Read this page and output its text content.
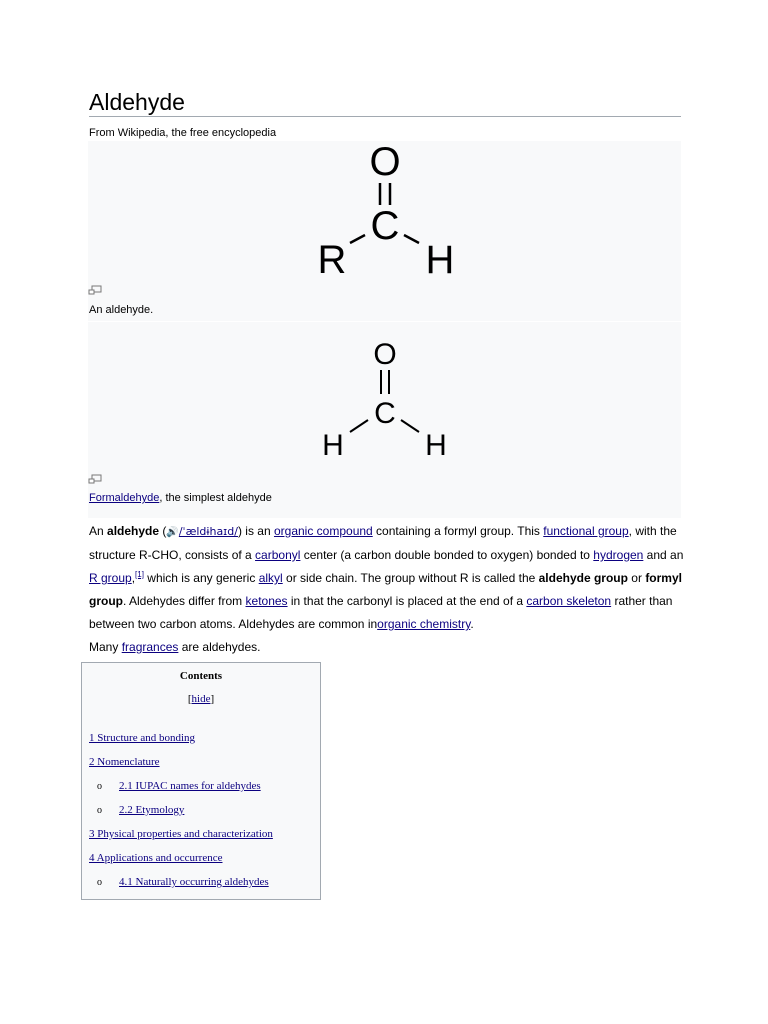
Aldehyde
From Wikipedia, the free encyclopedia
O
C
R H
An aldehyde.
O
C
H	H
Formaldehyde, the simplest aldehyde
An aldehyde (🔊/ˈældɨhaɪd/) is an organic compound containing a formyl group. This functional group, with the structure R-CHO, consists of a carbonyl center (a carbon double bonded to oxygen) bonded to hydrogen and an R group,[1] which is any generic alkyl or side chain. The group without R is called the aldehyde group or formyl group. Aldehydes differ from ketones in that the carbonyl is placed at the end of a carbon skeleton rather than between two carbon atoms. Aldehydes are common inorganic chemistry.
Many fragrances are aldehydes.
Contents
[hide]
1 Structure and bonding
2 Nomenclature
o 2.1 IUPAC names for aldehydes
o 2.2 Etymology
3 Physical properties and characterization
4 Applications and occurrence
o 4.1 Naturally occurring aldehydes
